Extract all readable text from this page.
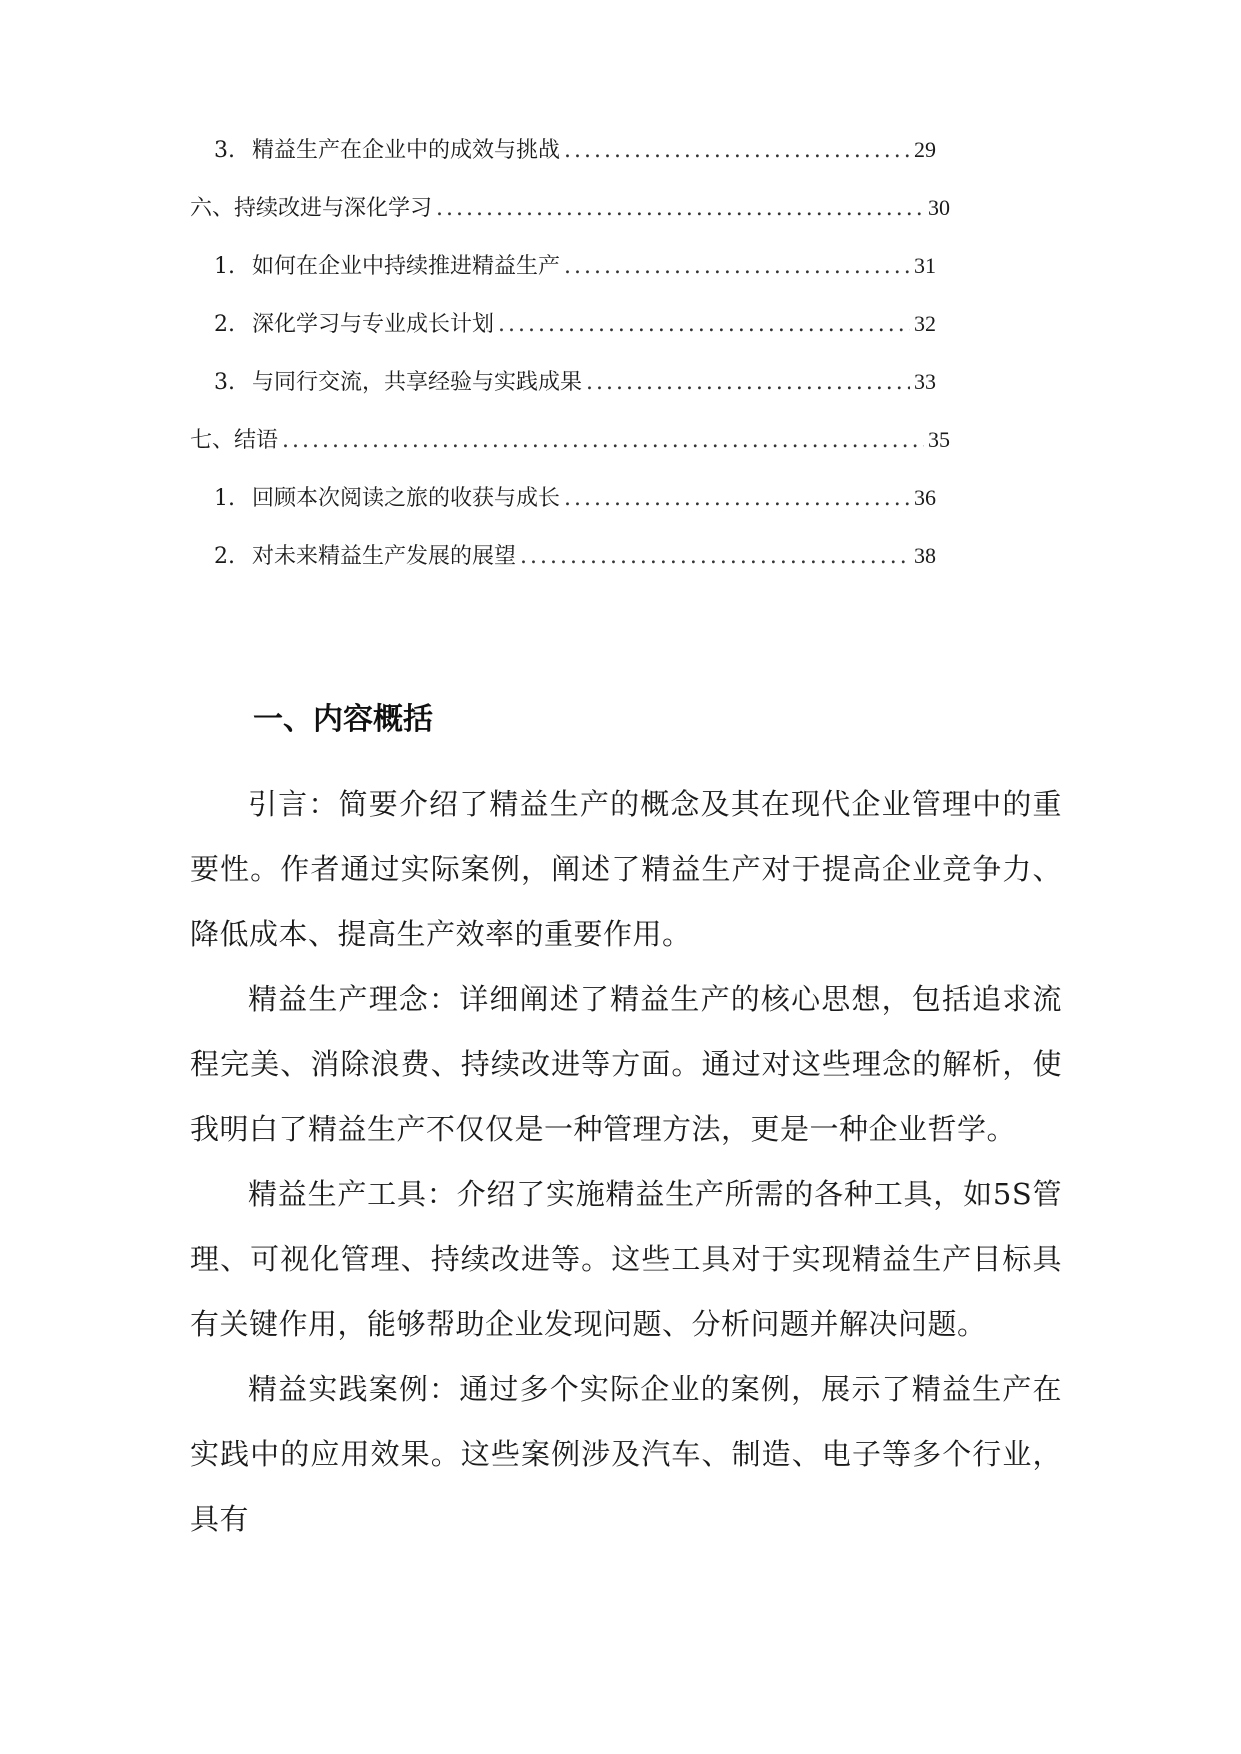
3. 精益生产在企业中的成效与挑战 .....	29
六、持续改进与深化学习 .....	30
1. 如何在企业中持续推进精益生产 .....	31
2. 深化学习与专业成长计划 .....	32
3. 与同行交流，共享经验与实践成果 .....	33
七、结语 .....	35
1. 回顾本次阅读之旅的收获与成长 .....	36
2. 对未来精益生产发展的展望 .....	38
一、内容概括

引言：简要介绍了精益生产的概念及其在现代企业管理中的重要性。作者通过实际案例，阐述了精益生产对于提高企业竞争力、降低成本、提高生产效率的重要作用。

精益生产理念：详细阐述了精益生产的核心思想，包括追求流程完美、消除浪费、持续改进等方面。通过对这些理念的解析，使我明白了精益生产不仅仅是一种管理方法，更是一种企业哲学。

精益生产工具：介绍了实施精益生产所需的各种工具，如5S管理、可视化管理、持续改进等。这些工具对于实现精益生产目标具有关键作用，能够帮助企业发现问题、分析问题并解决问题。

精益实践案例：通过多个实际企业的案例，展示了精益生产在实践中的应用效果。这些案例涉及汽车、制造、电子等多个行业，具有
